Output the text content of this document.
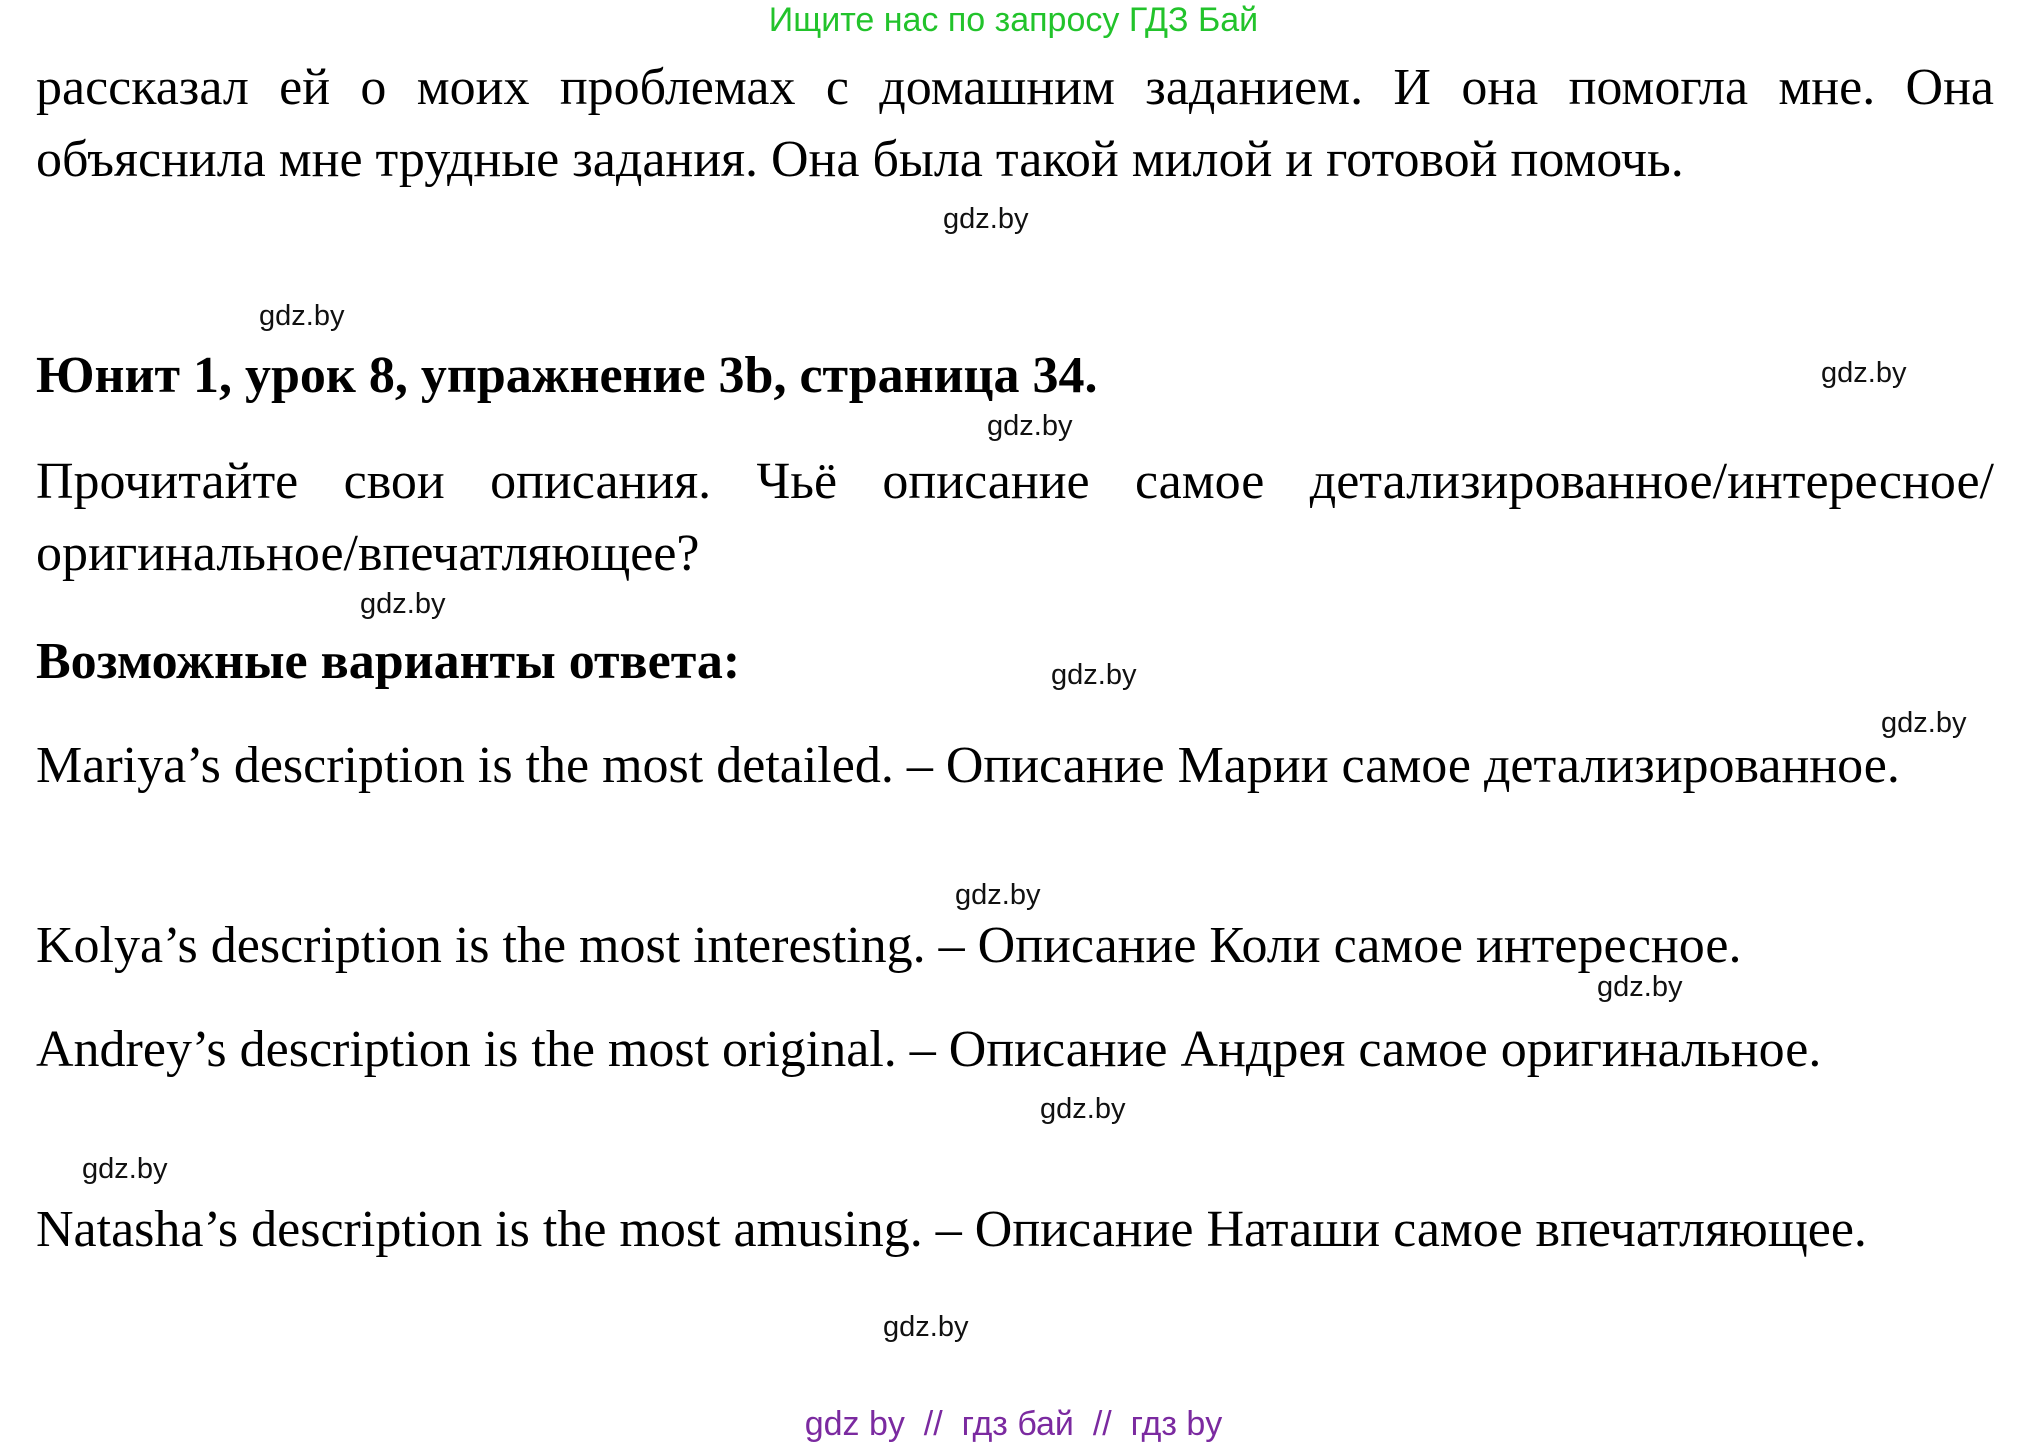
Ищите нас по запросу ГДЗ Бай

рассказал ей о моих проблемах с домашним заданием. И она помогла мне. Она объяснила мне трудные задания. Она была такой милой и готовой помочь.

gdz.by
gdz.by
Юнит 1, урок 8, упражнение 3b, страница 34.	gdz.by
gdz.by

Прочитайте свои описания. Чьё описание самое детализированное/интересное/оригинальное/впечатляющее?

gdz.by
Возможные варианты ответа:	gdz.by
gdz.by

Mariya’s description is the most detailed. – Описание Марии самое детализированное.

gdz.by

Kolya’s description is the most interesting. – Описание Коли самое интересное.

gdz.by

Andrey’s description is the most original. – Описание Андрея самое оригинальное.

gdz.by
gdz.by

Natasha’s description is the most amusing. – Описание Наташи самое впечатляющее.

gdz.by
gdz by  //  гдз бай  //  гдз by
